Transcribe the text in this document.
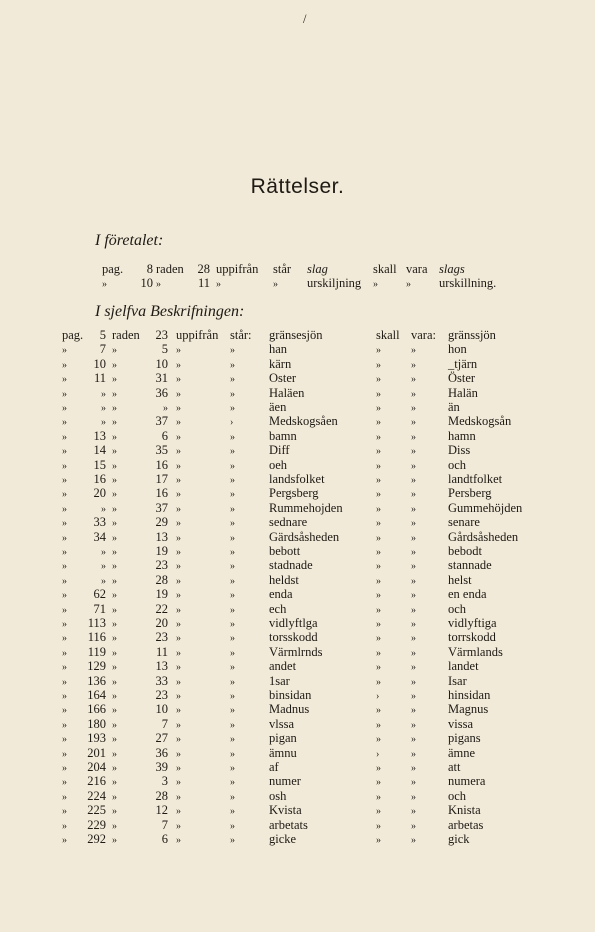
/
Rättelser.
I företalet:
pag.	8 raden 28 uppifrån står slag	skall vara slags
»	10 »	11 »	» urskiljning »	» urskillning.
I sjelfva Beskrifningen:
pag.	5 raden	23 uppifrån står: gränsesjön	skall vara: gränssjön
»	7 »	5 »	»	han	»	»	hon
»	10 »	10 »	»	kärn	»	»	_tjärn
»	11 »	31 »	»	Oster	»	»	Öster
»	» »	36 »	»	Haläen	»	»	Halän
»	» »	» »	»	äen	»	»	än
»	» »	37 »	›	Medskogsåen	»	»	Medskogsån
»	13 »	6 »	»	bamn	»	»	hamn
»	14 »	35 »	»	Diff	»	»	Diss
»	15 »	16 »	»	oeh	»	»	och
»	16 »	17 »	»	landsfolket	»	»	landtfolket
»	20 »	16 »	»	Pergsberg	»	»	Persberg
»	» »	37 »	»	Rummehojden	»	»	Gummehöjden
»	33 »	29 »	»	sednare	»	»	senare
»	34 »	13 »	»	Gärdsåsheden	»	»	Gårdsåsheden
»	» »	19 »	»	bebott	»	»	bebodt
»	» »	23 »	»	stadnade	»	»	stannade
»	» »	28 »	»	heldst	»	»	helst
»	62 »	19 »	»	enda	»	»	en enda
»	71 »	22 »	»	ech	»	»	och
»	113 »	20 »	»	vidlyftlga	»	»	vidlyftiga
»	116 »	23 »	»	torsskodd	»	»	torrskodd
»	119 »	11 »	»	Värmlrnds	»	»	Värmlands
»	129 »	13 »	»	andet	»	»	landet
»	136 »	33 »	»	1sar	»	»	Isar
»	164 »	23 »	»	binsidan	›	»	hinsidan
»	166 »	10 »	»	Madnus	»	»	Magnus
»	180 »	7 »	»	vlssa	»	»	vissa
»	193 »	27 »	»	pigan	»	»	pigans
»	201 »	36 »	»	ämnu	›	»	ämne
»	204 »	39 »	»	af	»	»	att
»	216 »	3 »	»	numer	»	»	numera
»	224 »	28 »	»	osh	»	»	och
»	225 »	12 »	»	Kvista	»	»	Knista
»	229 »	7 »	»	arbetats	»	»	arbetas
»	292 »	6 »	»	gicke	»	»	gick
